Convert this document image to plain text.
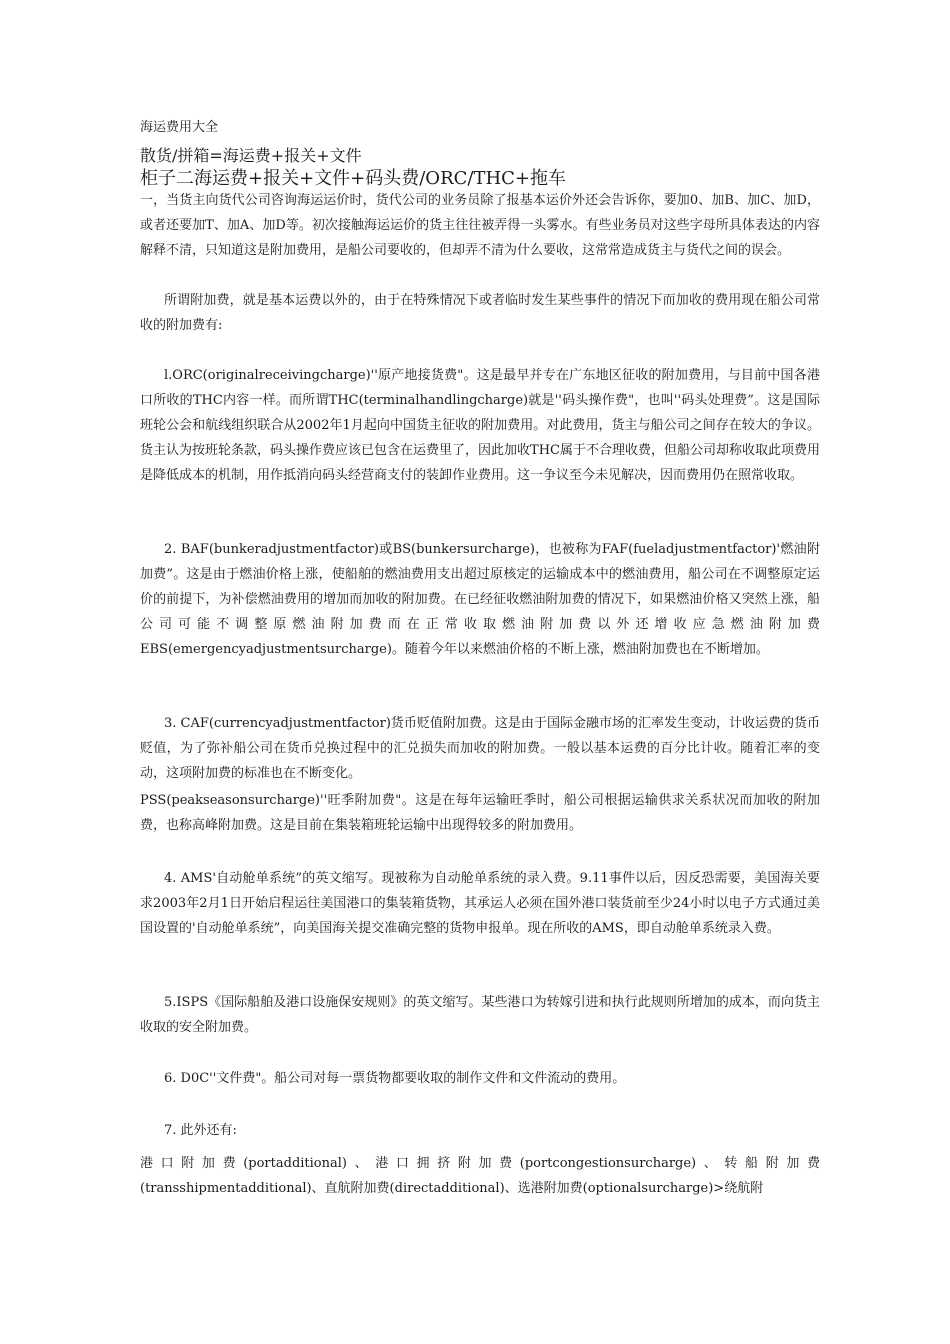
海运费用大全
散货/拼箱=海运费+报关+文件
柜子二海运费+报关+文件+码头费/ORC/THC+拖车
一，当货主向货代公司咨询海运运价时，货代公司的业务员除了报基本运价外还会告诉你，要加0、加B、加C、加D，或者还要加T、加A、加D等。初次接触海运运价的货主往往被弄得一头雾水。有些业务员对这些字母所具体表达的内容解释不清，只知道这是附加费用，是船公司要收的，但却弄不清为什么要收，这常常造成货主与货代之间的误会。
所谓附加费，就是基本运费以外的，由于在特殊情况下或者临时发生某些事件的情况下而加收的费用现在船公司常收的附加费有:
l.ORC(originalreceivingcharge)''原产地接货费"。这是最早并专在广东地区征收的附加费用，与目前中国各港口所收的THC内容一样。而所谓THC(terminalhandlingcharge)就是''码头操作费"，也叫''码头处理费”。这是国际班轮公会和航线组织联合从2002年1月起向中国货主征收的附加费用。对此费用，货主与船公司之间存在较大的争议。货主认为按班轮条款，码头操作费应该已包含在运费里了，因此加收THC属于不合理收费，但船公司却称收取此项费用是降低成本的机制，用作抵消向码头经营商支付的装卸作业费用。这一争议至今未见解决，因而费用仍在照常收取。
2. BAF(bunkeradjustmentfactor)或BS(bunkersurcharge)，也被称为FAF(fueladjustmentfactor)'燃油附加费”。这是由于燃油价格上涨，使船舶的燃油费用支出超过原核定的运输成本中的燃油费用，船公司在不调整原定运价的前提下，为补偿燃油费用的增加而加收的附加费。在已经征收燃油附加费的情况下，如果燃油价格又突然上涨，船公司可能不调整原燃油附加费而在正常收取燃油附加费以外还增收应急燃油附加费EBS(emergencyadjustmentsurcharge)。随着今年以来燃油价格的不断上涨，燃油附加费也在不断增加。
3. CAF(currencyadjustmentfactor)货币贬值附加费。这是由于国际金融市场的汇率发生变动，计收运费的货币贬值，为了弥补船公司在货币兑换过程中的汇兑损失而加收的附加费。一般以基本运费的百分比计收。随着汇率的变动，这项附加费的标准也在不断变化。
PSS(peakseasonsurcharge)''旺季附加费"。这是在每年运输旺季时，船公司根据运输供求关系状况而加收的附加费，也称高峰附加费。这是目前在集装箱班轮运输中出现得较多的附加费用。
4. AMS'自动舱单系统”的英文缩写。现被称为自动舱单系统的录入费。9.11事件以后，因反恐需要，美国海关要求2003年2月1日开始启程运往美国港口的集装箱货物，其承运人必须在国外港口装货前至少24小时以电子方式通过美国设置的'自动舱单系统”，向美国海关提交准确完整的货物申报单。现在所收的AMS，即自动舱单系统录入费。
5.ISPS《国际船舶及港口设施保安规则》的英文缩写。某些港口为转嫁引进和执行此规则所增加的成本，而向货主收取的安全附加费。
6. D0C''文件费"。船公司对每一票货物都要收取的制作文件和文件流动的费用。
7. 此外还有:
港口附加费(portadditional)、港口拥挤附加费(portcongestionsurcharge)、转船附加费(transshipmentadditional)、直航附加费(directadditional)、选港附加费(optionalsurcharge)>绕航附
